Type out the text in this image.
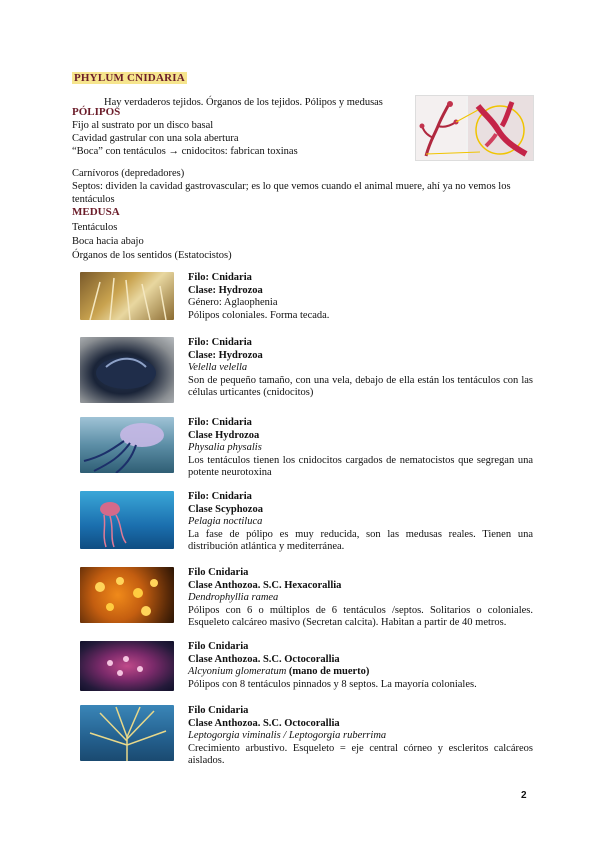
PHYLUM CNIDARIA
Hay verdaderos tejidos. Órganos de los tejidos. Pólipos y medusas
PÓLIPOS
Fijo al sustrato por un disco basal
Cavidad gastrular con una sola abertura
“Boca” con tentáculos → cnidocitos: fabrican toxinas
Carnívoros (depredadores)
Septos: dividen la cavidad gastrovascular; es lo que vemos cuando el animal muere, ahí ya no vemos los tentáculos
MEDUSA
Tentáculos
Boca hacia abajo
Órganos de los sentidos (Estatocistos)
Filo: Cnidaria
Clase: Hydrozoa
Género: Aglaophenia
Pólipos coloniales. Forma tecada.
Filo: Cnidaria
Clase: Hydrozoa
Velella velella
Son de pequeño tamaño, con una vela, debajo de ella están los tentáculos con las células urticantes (cnidocitos)
Filo: Cnidaria
Clase Hydrozoa
Physalia physalis
Los tentáculos tienen los cnidocitos cargados de nematocistos que segregan una potente neurotoxina
Filo: Cnidaria
Clase Scyphozoa
Pelagia noctiluca
La fase de pólipo es muy reducida, son las medusas reales. Tienen una distribución atlántica y mediterránea.
Filo Cnidaria
Clase Anthozoa. S.C. Hexacorallia
Dendrophyllia ramea
Pólipos con 6 o múltiplos de 6 tentáculos /septos. Solitarios o coloniales. Esqueleto calcáreo masivo (Secretan calcita). Habitan a partir de 40 metros.
Filo Cnidaria
Clase Anthozoa. S.C. Octocorallia
Alcyonium glomeratum (mano de muerto)
Pólipos con 8 tentáculos pinnados y 8 septos. La mayoría coloniales.
Filo Cnidaria
Clase Anthozoa. S.C. Octocorallia
Leptogorgia viminalis / Leptogorgia ruberrima
Crecimiento arbustivo. Esqueleto = eje central córneo y escleritos calcáreos aislados.
2
